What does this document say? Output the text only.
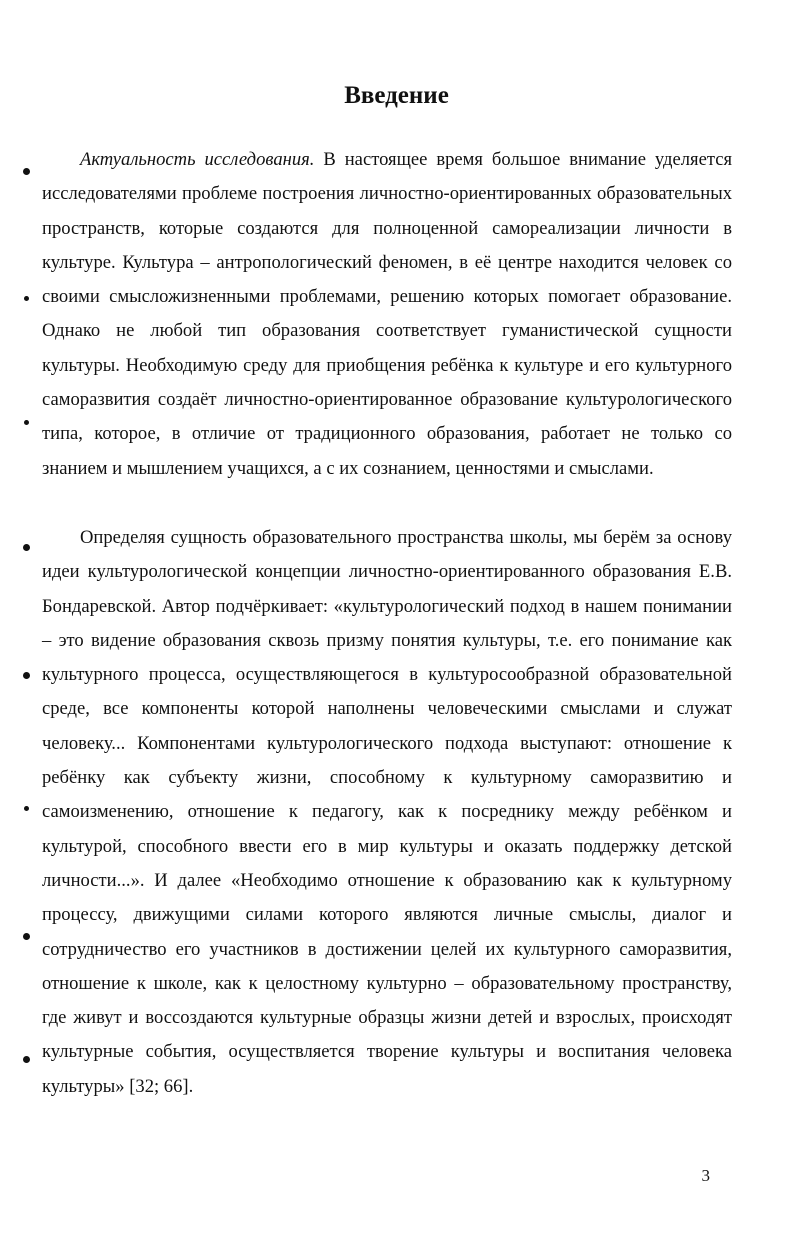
Введение

Актуальность исследования. В настоящее время большое внимание уделяется исследователями проблеме построения личностно-ориентированных образовательных пространств, которые создаются для полноценной самореализации личности в культуре. Культура – антропологический феномен, в её центре находится человек со своими смысложизненными проблемами, решению которых помогает образование. Однако не любой тип образования соответствует гуманистической сущности культуры. Необходимую среду для приобщения ребёнка к культуре и его культурного саморазвития создаёт личностно-ориентированное образование культурологического типа, которое, в отличие от традиционного образования, работает не только со знанием и мышлением учащихся, а с их сознанием, ценностями и смыслами.

Определяя сущность образовательного пространства школы, мы берём за основу идеи культурологической концепции личностно-ориентированного образования Е.В. Бондаревской. Автор подчёркивает: «культурологический подход в нашем понимании – это видение образования сквозь призму понятия культуры, т.е. его понимание как культурного процесса, осуществляющегося в культуросообразной образовательной среде, все компоненты которой наполнены человеческими смыслами и служат человеку... Компонентами культурологического подхода выступают: отношение к ребёнку как субъекту жизни, способному к культурному саморазвитию и самоизменению, отношение к педагогу, как к посреднику между ребёнком и культурой, способного ввести его в мир культуры и оказать поддержку детской личности...». И далее «Необходимо отношение к образованию как к культурному процессу, движущими силами которого являются личные смыслы, диалог и сотрудничество его участников в достижении целей их культурного саморазвития, отношение к школе, как к целостному культурно – образовательному пространству, где живут и воссоздаются культурные образцы жизни детей и взрослых, происходят культурные события, осуществляется творение культуры и воспитания человека культуры» [32; 66].

3
